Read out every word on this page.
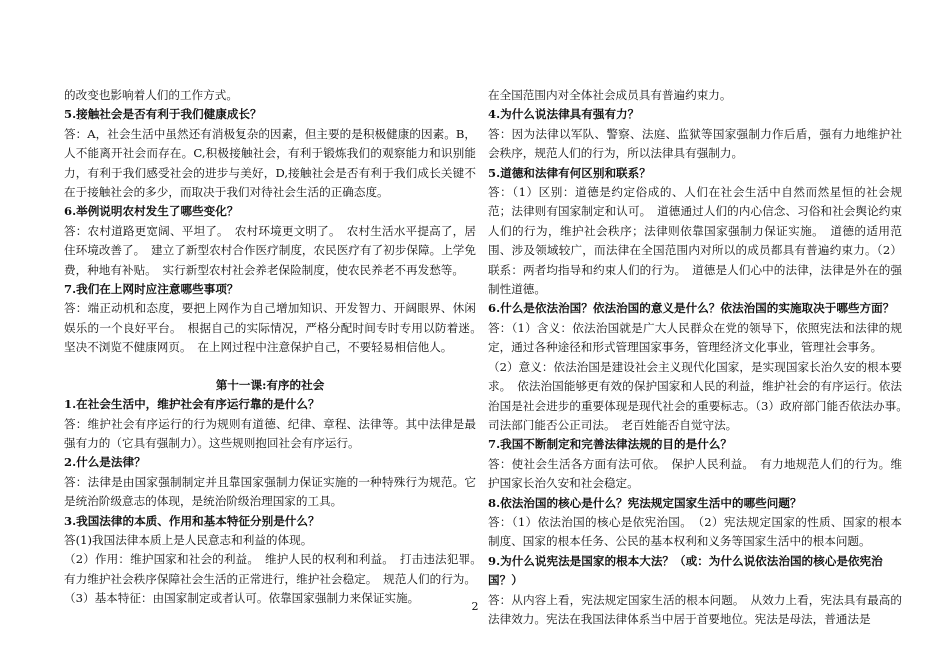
的改变也影响着人们的工作方式。
5.接触社会是否有利于我们健康成长？
答：A，社会生活中虽然还有消极复杂的因素，但主要的是积极健康的因素。B，人不能离开社会而存在。C,积极接触社会，有利于锻炼我们的观察能力和识别能力，有利于我们感受社会的进步与美好，D,接触社会是否有利于我们成长关键不在于接触社会的多少，而取决于我们对待社会生活的正确态度。
6.举例说明农村发生了哪些变化？
答：农村道路更宽阔、平坦了。　农村环境更文明了。　农村生活水平提高了，居住环境改善了。　建立了新型农村合作医疗制度，农民医疗有了初步保障。上学免费，种地有补贴。　实行新型农村社会养老保险制度，使农民养老不再发愁等。
7.我们在上网时应注意哪些事项？
答：端正动机和态度，要把上网作为自己增加知识、开发智力、开阔眼界、休闲娱乐的一个良好平台。　根据自己的实际情况，严格分配时间专时专用以防着迷。　坚决不浏览不健康网页。　在上网过程中注意保护自己，不要轻易相信他人。
第十一课:有序的社会
1.在社会生活中，维护社会有序运行靠的是什么？
答：维护社会有序运行的行为规则有道德、纪律、章程、法律等。其中法律是最强有力的（它具有强制力）。这些规则抱回社会有序运行。
2.什么是法律？
答：法律是由国家强制制定并且靠国家强制力保证实施的一种特殊行为规范。它是统治阶级意志的体现，是统治阶级治理国家的工具。
3.我国法律的本质、作用和基本特征分别是什么？
答(1)我国法律本质上是人民意志和利益的体现。
（2）作用：维护国家和社会的利益。　维护人民的权利和利益。　打击违法犯罪。　有力维护社会秩序保障社会生活的正常进行，维护社会稳定。　规范人们的行为。（3）基本特征：由国家制定或者认可。依靠国家强制力来保证实施。
在全国范围内对全体社会成员具有普遍约束力。
4.为什么说法律具有强有力？
答：因为法律以军队、警察、法庭、监狱等国家强制力作后盾，强有力地维护社会秩序，规范人们的行为，所以法律具有强制力。
5.道德和法律有何区别和联系？
答：（1）区别：道德是约定俗成的、人们在社会生活中自然而然星恒的社会规范；法律则有国家制定和认可。　道德通过人们的内心信念、习俗和社会舆论约束人们的行为，维护社会秩序；法律则依靠国家强制力保证实施。　道德的适用范围、涉及领域较广，而法律在全国范围内对所以的成员都具有普遍约束力。（2）联系：两者均指导和约束人们的行为。　道德是人们心中的法律，法律是外在的强制性道德。
6.什么是依法治国？依法治国的意义是什么？依法治国的实施取决于哪些方面？
答：（1）含义：依法治国就是广大人民群众在党的领导下，依照宪法和法律的规定，通过各种途径和形式管理国家事务，管理经济文化事业，管理社会事务。
（2）意义：依法治国是建设社会主义现代化国家，是实现国家长治久安的根本要求。　依法治国能够更有效的保护国家和人民的利益，维护社会的有序运行。依法治国是社会进步的重要体现是现代社会的重要标志。（3）政府部门能否依法办事。　司法部门能否公正司法。　老百姓能否自觉守法。
7.我国不断制定和完善法律法规的目的是什么？
答：使社会生活各方面有法可依。　保护人民利益。　有力地规范人们的行为。维护国家长治久安和社会稳定。
8.依法治国的核心是什么？宪法规定国家生活中的哪些问题？
答：（1）依法治国的核心是依宪治国。　（2）宪法规定国家的性质、国家的根本制度、国家的根本任务、公民的基本权利和义务等国家生活中的根本问题。
9.为什么说宪法是国家的根本大法？（或：为什么说依法治国的核心是依宪治国？）
答：从内容上看，宪法规定国家生活的根本问题。　从效力上看，宪法具有最高的法律效力。宪法在我国法律体系当中居于首要地位。宪法是母法，普通法是
2
